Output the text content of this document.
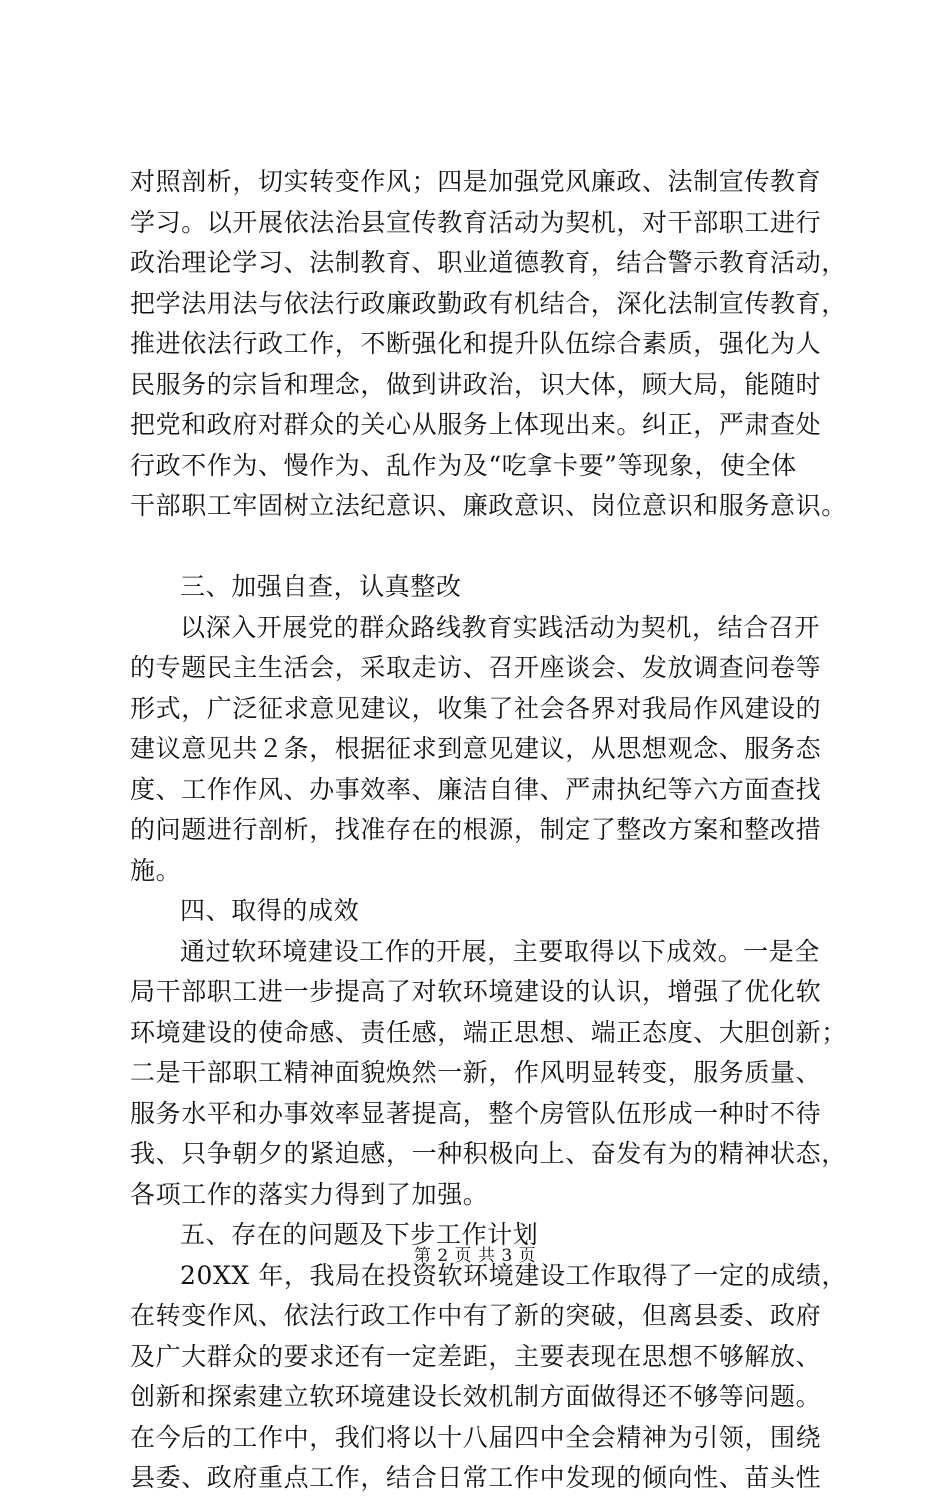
对照剖析，切实转变作风；四是加强党风廉政、法制宣传教育
学习。以开展依法治县宣传教育活动为契机，对干部职工进行
政治理论学习、法制教育、职业道德教育，结合警示教育活动，
把学法用法与依法行政廉政勤政有机结合，深化法制宣传教育，
推进依法行政工作，不断强化和提升队伍综合素质，强化为人
民服务的宗旨和理念，做到讲政治，识大体，顾大局，能随时
把党和政府对群众的关心从服务上体现出来。纠正，严肃查处
行政不作为、慢作为、乱作为及“吃拿卡要”等现象，使全体
干部职工牢固树立法纪意识、廉政意识、岗位意识和服务意识。
三、加强自查，认真整改
以深入开展党的群众路线教育实践活动为契机，结合召开
的专题民主生活会，采取走访、召开座谈会、发放调查问卷等
形式，广泛征求意见建议，收集了社会各界对我局作风建设的
建议意见共２条，根据征求到意见建议，从思想观念、服务态
度、工作作风、办事效率、廉洁自律、严肃执纪等六方面查找
的问题进行剖析，找准存在的根源，制定了整改方案和整改措
施。
四、取得的成效
通过软环境建设工作的开展，主要取得以下成效。一是全
局干部职工进一步提高了对软环境建设的认识，增强了优化软
环境建设的使命感、责任感，端正思想、端正态度、大胆创新；
二是干部职工精神面貌焕然一新，作风明显转变，服务质量、
服务水平和办事效率显著提高，整个房管队伍形成一种时不待
我、只争朝夕的紧迫感，一种积极向上、奋发有为的精神状态，
各项工作的落实力得到了加强。
五、存在的问题及下步工作计划
20XX 年，我局在投资软环境建设工作取得了一定的成绩，
在转变作风、依法行政工作中有了新的突破，但离县委、政府
及广大群众的要求还有一定差距，主要表现在思想不够解放、
创新和探索建立软环境建设长效机制方面做得还不够等问题。
在今后的工作中，我们将以十八届四中全会精神为引领，围绕
县委、政府重点工作，结合日常工作中发现的倾向性、苗头性
第 2 页 共 3 页
